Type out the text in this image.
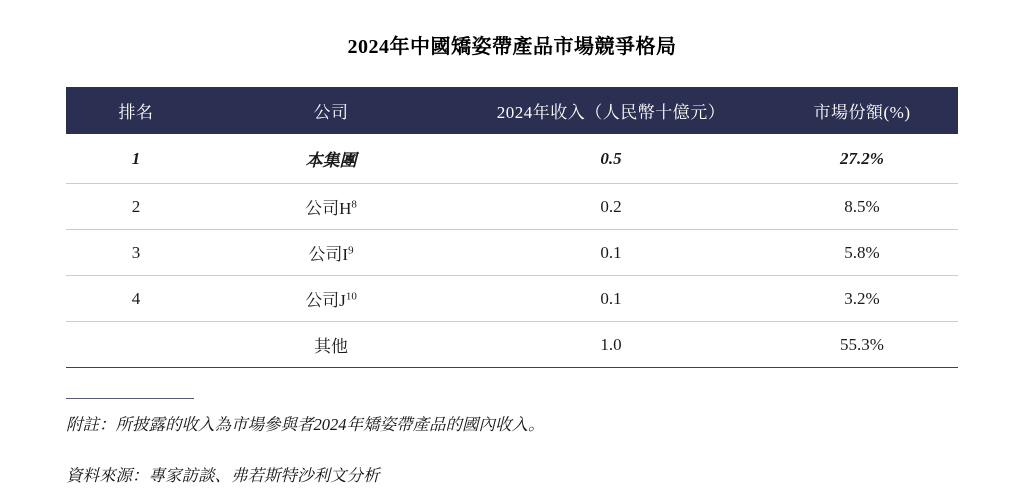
2024年中國矯姿帶產品市場競爭格局
排名	公司	2024年收入（人民幣十億元）	市場份額(%)
1	本集團	0.5	27.2%
2	公司$H^8$	0.2	8.5%
3	公司$I^9$	0.1	5.8%
4	公司$J^{10}$	0.1	3.2%
	其他	1.0	55.3%
附註：所披露的收入為市場參與者2024年矯姿帶產品的國內收入。
資料來源：專家訪談、弗若斯特沙利文分析
